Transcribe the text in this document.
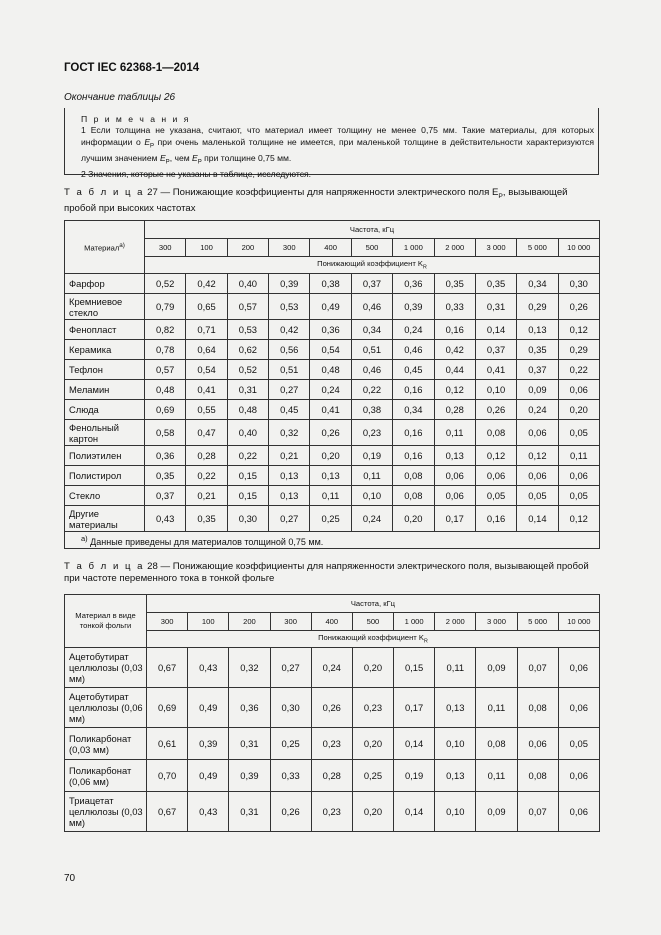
ГОСТ IEC 62368-1—2014
Окончание таблицы 26
П р и м е ч а н и я
1 Если толщина не указана, считают, что материал имеет толщину не менее 0,75 мм. Такие материалы, для которых информации о $E_P$ при очень маленькой толщине не имеется, при маленькой толщине в действительности характеризуются лучшим значением $E_P$, чем $E_P$ при толщине 0,75 мм.
2 Значения, которые не указаны в таблице, исследуются.
Т а б л и ц а 27 — Понижающие коэффициенты для напряженности электрического поля $E_P$, вызывающей пробой при высоких частотах
Материал$^{а)}$	Частота, кГц										
	300	100	200	300	400	500	1 000	2 000	3 000	5 000	10 000
	Понижающий коэффициент $K_R$
Фарфор	0,52	0,42	0,40	0,39	0,38	0,37	0,36	0,35	0,35	0,34	0,30
Кремниевое стекло	0,79	0,65	0,57	0,53	0,49	0,46	0,39	0,33	0,31	0,29	0,26
Фенопласт	0,82	0,71	0,53	0,42	0,36	0,34	0,24	0,16	0,14	0,13	0,12
Керамика	0,78	0,64	0,62	0,56	0,54	0,51	0,46	0,42	0,37	0,35	0,29
Тефлон	0,57	0,54	0,52	0,51	0,48	0,46	0,45	0,44	0,41	0,37	0,22
Меламин	0,48	0,41	0,31	0,27	0,24	0,22	0,16	0,12	0,10	0,09	0,06
Слюда	0,69	0,55	0,48	0,45	0,41	0,38	0,34	0,28	0,26	0,24	0,20
Фенольный картон	0,58	0,47	0,40	0,32	0,26	0,23	0,16	0,11	0,08	0,06	0,05
Полиэтилен	0,36	0,28	0,22	0,21	0,20	0,19	0,16	0,13	0,12	0,12	0,11
Полистирол	0,35	0,22	0,15	0,13	0,13	0,11	0,08	0,06	0,06	0,06	0,06
Стекло	0,37	0,21	0,15	0,13	0,11	0,10	0,08	0,06	0,05	0,05	0,05
Другие материалы	0,43	0,35	0,30	0,27	0,25	0,24	0,20	0,17	0,16	0,14	0,12
$^{а)}$ Данные приведены для материалов толщиной 0,75 мм.											
Т а б л и ц а 28 — Понижающие коэффициенты для напряженности электрического поля, вызывающей пробой при частоте переменного тока в тонкой фольге
Материал в виде тонкой фольги	Частота, кГц										
	300	100	200	300	400	500	1 000	2 000	3 000	5 000	10 000
	Понижающий коэффициент $K_R$
Ацетобутират целлюлозы (0,03 мм)	0,67	0,43	0,32	0,27	0,24	0,20	0,15	0,11	0,09	0,07	0,06
Ацетобутират целлюлозы (0,06 мм)	0,69	0,49	0,36	0,30	0,26	0,23	0,17	0,13	0,11	0,08	0,06
Поликарбонат (0,03 мм)	0,61	0,39	0,31	0,25	0,23	0,20	0,14	0,10	0,08	0,06	0,05
Поликарбонат (0,06 мм)	0,70	0,49	0,39	0,33	0,28	0,25	0,19	0,13	0,11	0,08	0,06
Триацетат целлюлозы (0,03 мм)	0,67	0,43	0,31	0,26	0,23	0,20	0,14	0,10	0,09	0,07	0,06
70
